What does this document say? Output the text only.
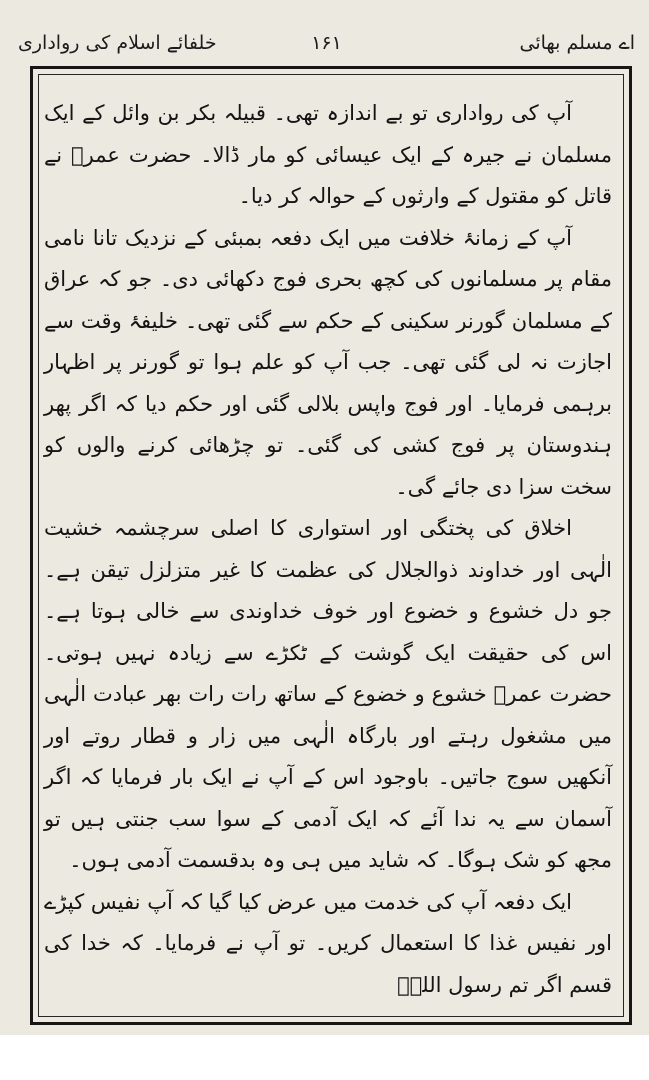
اے مسلم بھائی
۱۶۱
خلفائے اسلام کی رواداری

آپ کی رواداری تو بے اندازہ تھی۔ قبیلہ بکر بن وائل کے ایک مسلمان نے جیرہ کے ایک عیسائی کو مار ڈالا۔ حضرت عمرؓ نے قاتل کو مقتول کے وارثوں کے حوالہ کر دیا۔

آپ کے زمانۂ خلافت میں ایک دفعہ بمبئی کے نزدیک تانا نامی مقام پر مسلمانوں کی کچھ بحری فوج دکھائی دی۔ جو کہ عراق کے مسلمان گورنر سکینی کے حکم سے گئی تھی۔ خلیفۂ وقت سے اجازت نہ لی گئی تھی۔ جب آپ کو علم ہوا تو گورنر پر اظہار برہمی فرمایا۔ اور فوج واپس بلالی گئی اور حکم دیا کہ اگر پھر ہندوستان پر فوج کشی کی گئی۔ تو چڑھائی کرنے والوں کو سخت سزا دی جائے گی۔

اخلاق کی پختگی اور استواری کا اصلی سرچشمہ خشیت الٰہی اور خداوند ذوالجلال کی عظمت کا غیر متزلزل تیقن ہے۔ جو دل خشوع و خضوع اور خوف خداوندی سے خالی ہوتا ہے۔ اس کی حقیقت ایک گوشت کے ٹکڑے سے زیادہ نہیں ہوتی۔ حضرت عمرؓ خشوع و خضوع کے ساتھ رات رات بھر عبادت الٰہی میں مشغول رہتے اور بارگاہ الٰہی میں زار و قطار روتے اور آنکھیں سوج جاتیں۔ باوجود اس کے آپ نے ایک بار فرمایا کہ اگر آسمان سے یہ ندا آئے کہ ایک آدمی کے سوا سب جنتی ہیں تو مجھ کو شک ہوگا۔ کہ شاید میں ہی وہ بدقسمت آدمی ہوں۔

ایک دفعہ آپ کی خدمت میں عرض کیا گیا کہ آپ نفیس کپڑے اور نفیس غذا کا استعمال کریں۔ تو آپ نے فرمایا۔ کہ خدا کی قسم اگر تم رسول اللہؐ
